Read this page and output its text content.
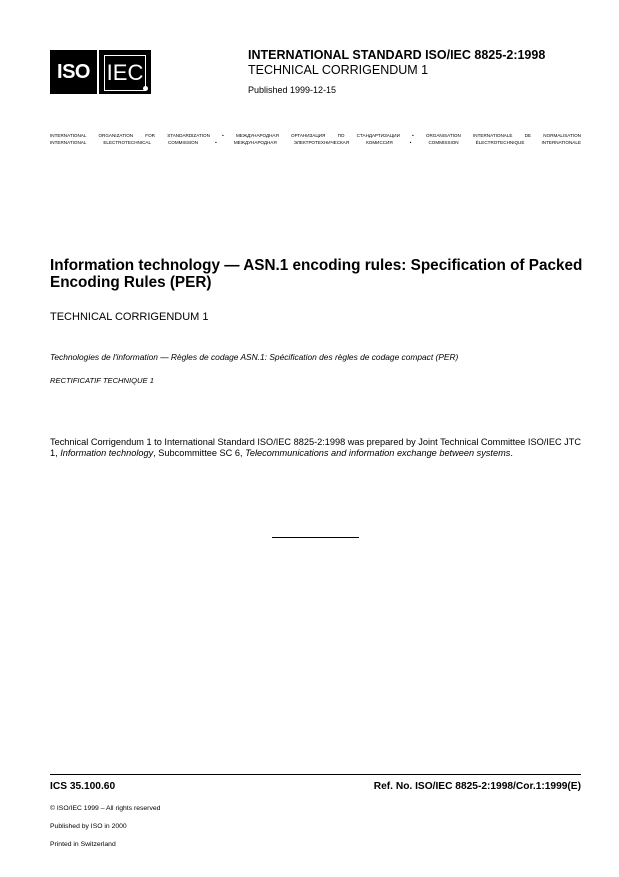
ISO IEC
INTERNATIONAL STANDARD ISO/IEC 8825-2:1998
TECHNICAL CORRIGENDUM 1
Published 1999-12-15
INTERNATIONAL ORGANIZATION FOR STANDARDIZATION • МЕЖДУНАРОДНАЯ ОРГАНИЗАЦИЯ ПО СТАНДАРТИЗАЦИИ • ORGANISATION INTERNATIONALE DE NORMALISATION
INTERNATIONAL ELECTROTECHNICAL COMMISSION • МЕЖДУНАРОДНАЯ ЭЛЕКТРОТЕХНИЧЕСКАЯ КОМИССИЯ • COMMISSION ÉLECTROTECHNIQUE INTERNATIONALE
Information technology — ASN.1 encoding rules: Specification of Packed Encoding Rules (PER)
TECHNICAL CORRIGENDUM 1
Technologies de l'information — Règles de codage ASN.1: Spécification des règles de codage compact (PER)
RECTIFICATIF TECHNIQUE 1
Technical Corrigendum 1 to International Standard ISO/IEC 8825-2:1998 was prepared by Joint Technical Committee ISO/IEC JTC 1, Information technology, Subcommittee SC 6, Telecommunications and information exchange between systems.
ICS 35.100.60	Ref. No. ISO/IEC 8825-2:1998/Cor.1:1999(E)
© ISO/IEC 1999 – All rights reserved
Published by ISO in 2000
Printed in Switzerland
